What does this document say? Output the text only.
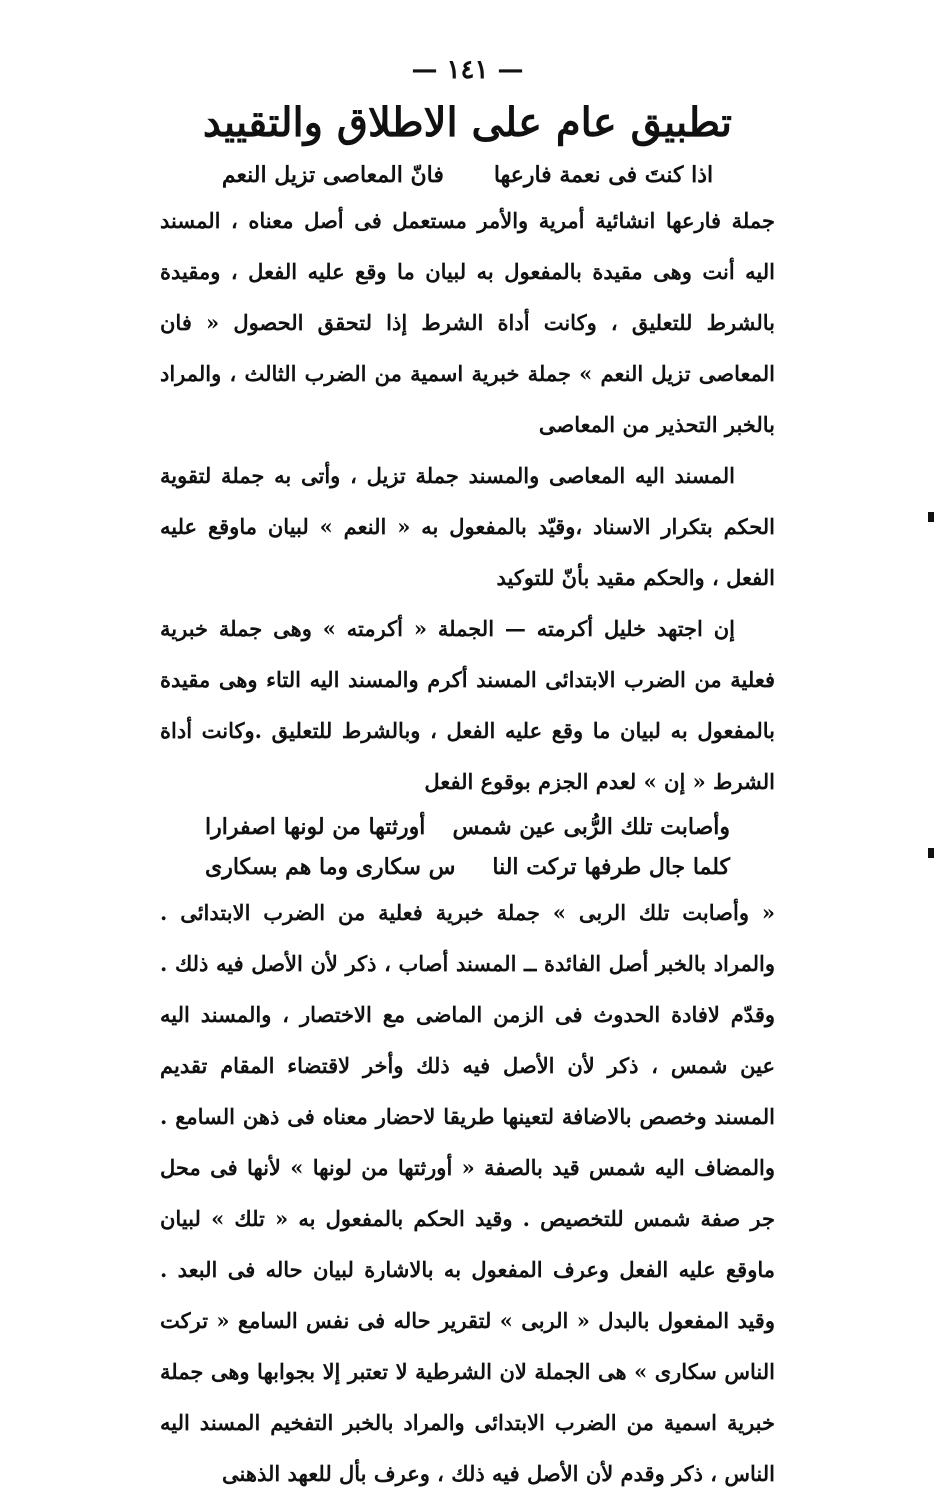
— ١٤١ —
تطبيق عام على الاطلاق والتقييد
اذا كنتَ فى نعمة فارعها
فانّ المعاصى تزيل النعم

جملة فارعها انشائية أمرية والأمر مستعمل فى أصل معناه ، المسند اليه أنت وهى مقيدة بالمفعول به لبيان ما وقع عليه الفعل ، ومقيدة بالشرط للتعليق ، وكانت أداة الشرط إذا لتحقق الحصول « فان المعاصى تزيل النعم » جملة خبرية اسمية من الضرب الثالث ، والمراد بالخبر التحذير من المعاصى

المسند اليه المعاصى والمسند جملة تزيل ، وأتى به جملة لتقوية الحكم بتكرار الاسناد ،وقيّد بالمفعول به « النعم » لبيان ماوقع عليه الفعل ، والحكم مقيد بأنّ للتوكيد

إن اجتهد خليل أكرمته — الجملة « أكرمته » وهى جملة خبرية فعلية من الضرب الابتدائى المسند أكرم والمسند اليه التاء وهى مقيدة بالمفعول به لبيان ما وقع عليه الفعل ، وبالشرط للتعليق .وكانت أداة الشرط « إن » لعدم الجزم بوقوع الفعل

وأصابت تلك الرُّبى عين شمس
أورثتها من لونها اصفرارا
كلما جال طرفها تركت النا
س سكارى وما هم بسكارى

« وأصابت تلك الربى » جملة خبرية فعلية من الضرب الابتدائى . والمراد بالخبر أصل الفائدة ــ المسند أصاب ، ذكر لأن الأصل فيه ذلك . وقدّم لافادة الحدوث فى الزمن الماضى مع الاختصار ، والمسند اليه عين شمس ، ذكر لأن الأصل فيه ذلك وأخر لاقتضاء المقام تقديم المسند وخصص بالاضافة لتعينها طريقا لاحضار معناه فى ذهن السامع . والمضاف اليه شمس قيد بالصفة « أورثتها من لونها » لأنها فى محل جر صفة شمس للتخصيص . وقيد الحكم بالمفعول به « تلك » لبيان ماوقع عليه الفعل وعرف المفعول به بالاشارة لبيان حاله فى البعد . وقيد المفعول بالبدل « الربى » لتقرير حاله فى نفس السامع « تركت الناس سكارى » هى الجملة لان الشرطية لا تعتبر إلا بجوابها وهى جملة خبرية اسمية من الضرب الابتدائى والمراد بالخبر التفخيم المسند اليه الناس ، ذكر وقدم لأن الأصل فيه ذلك ، وعرف بأل للعهد الذهنى
